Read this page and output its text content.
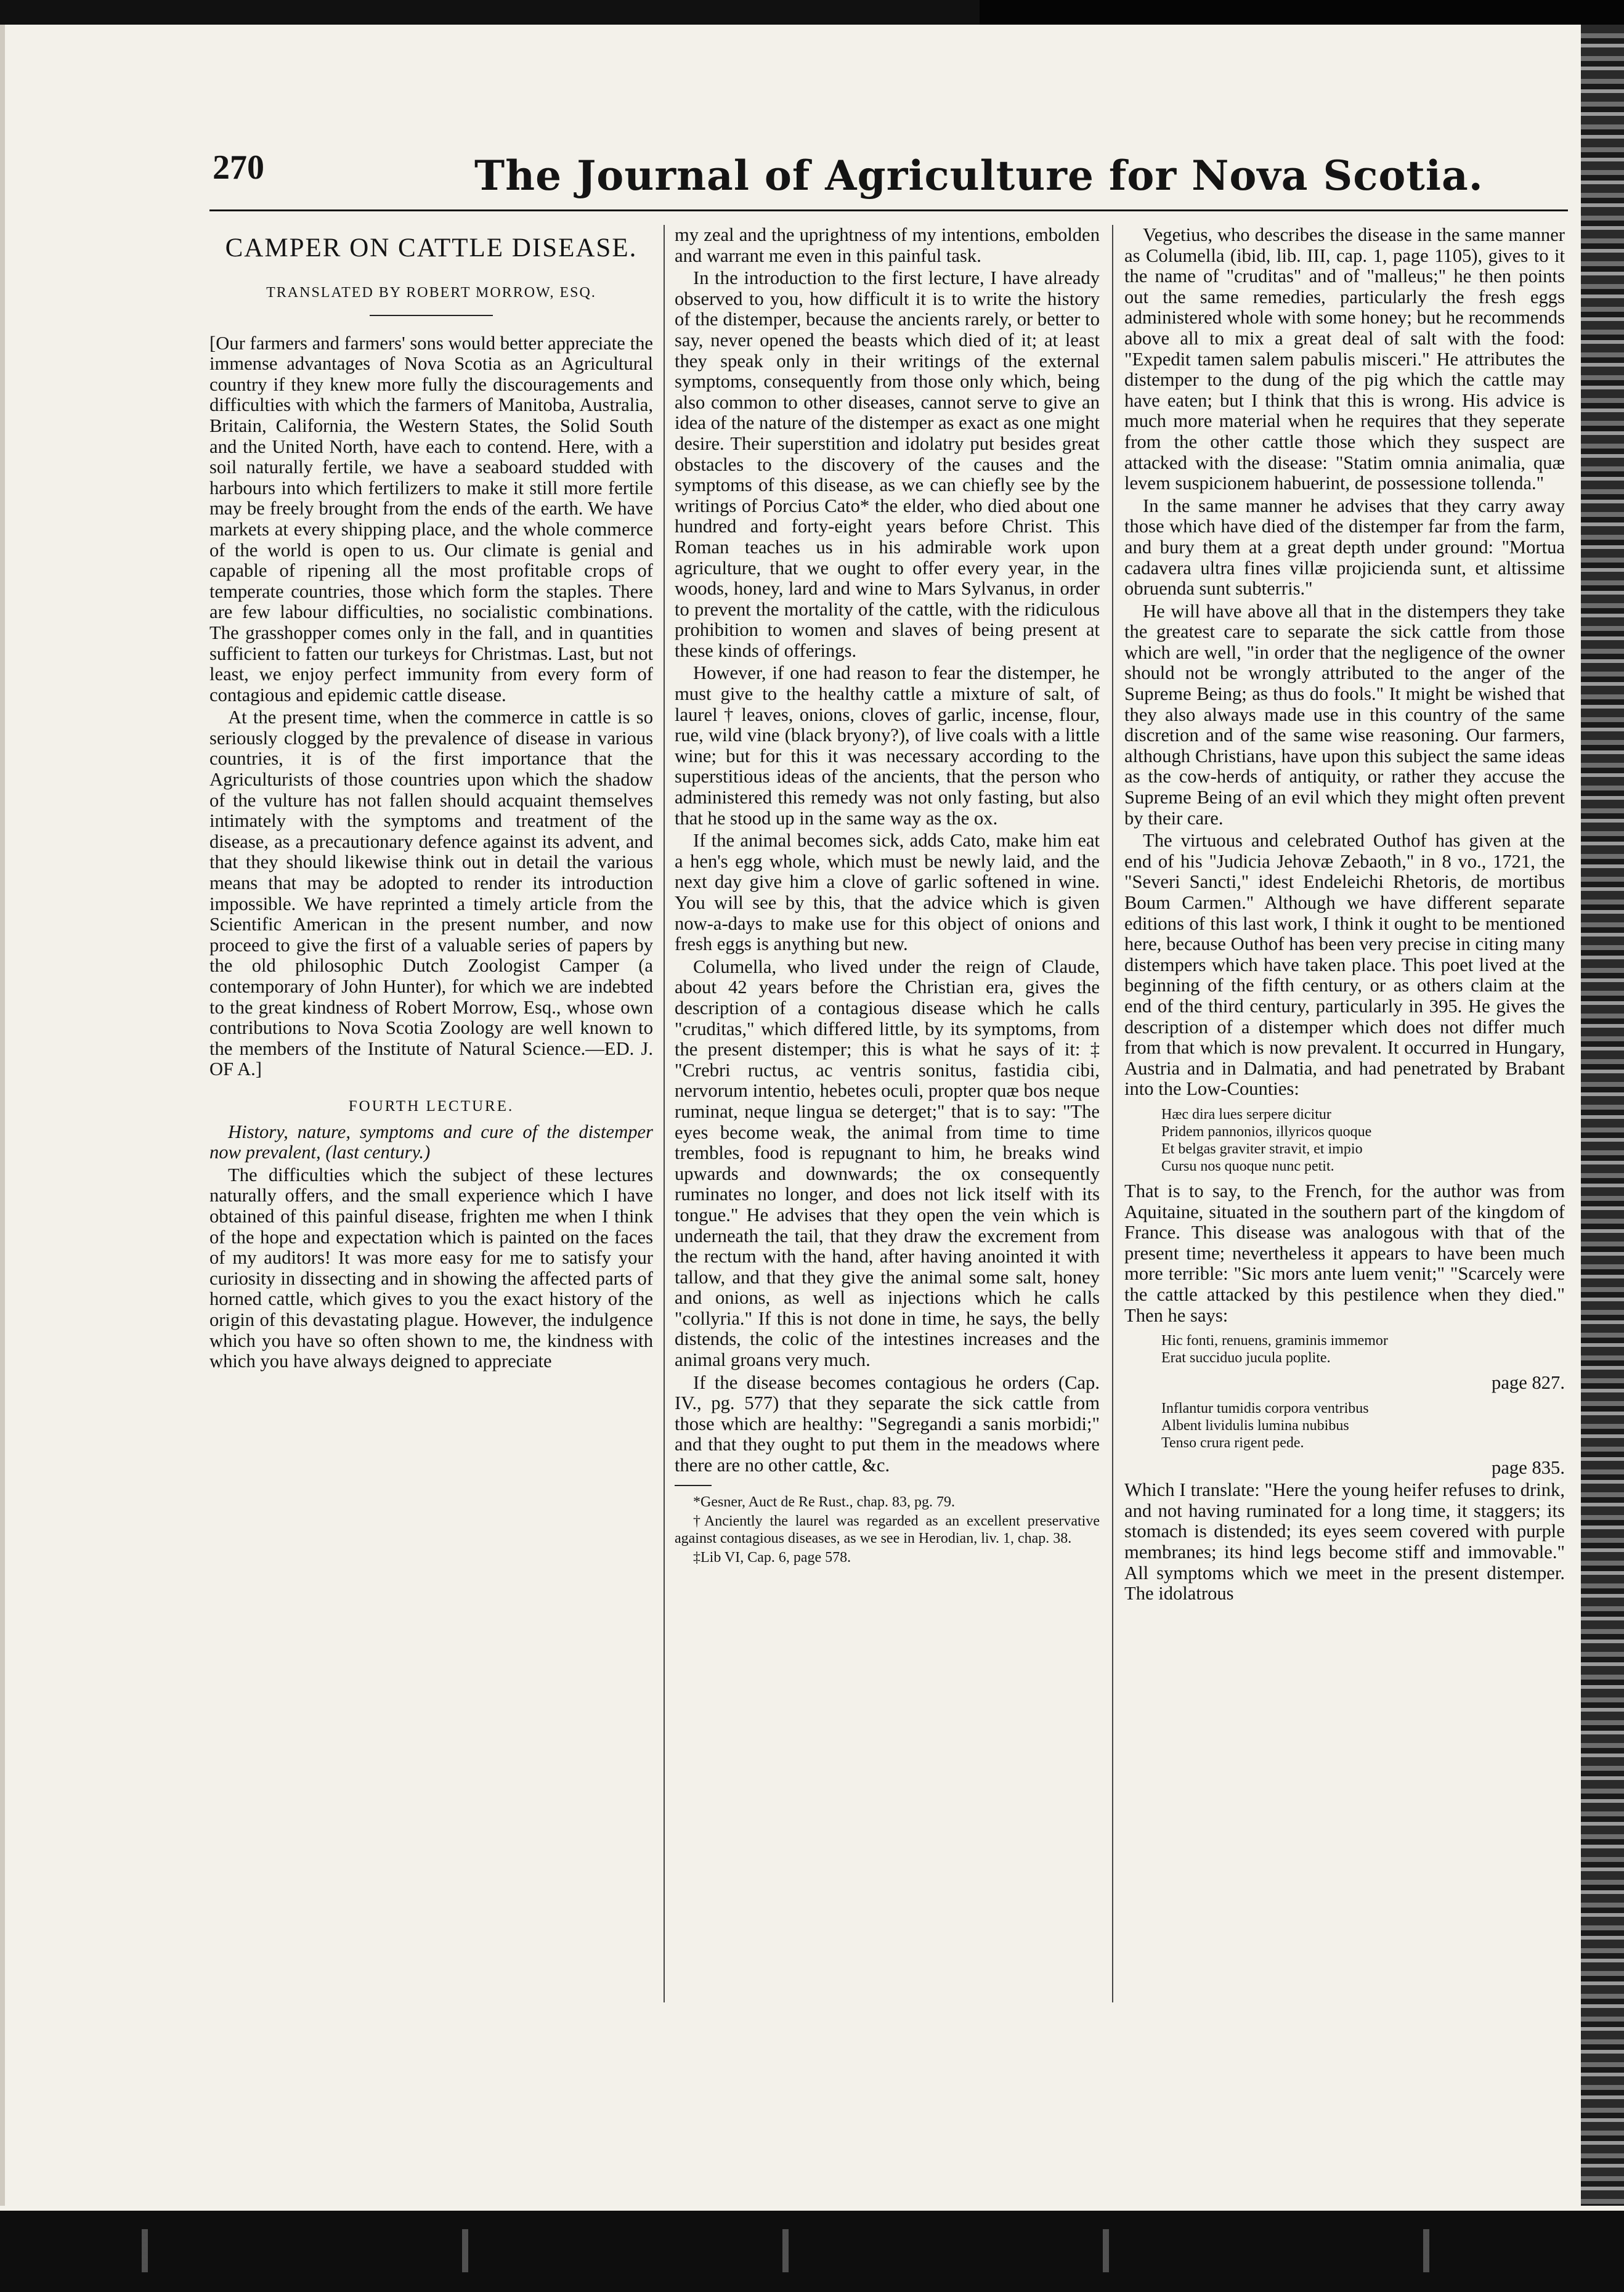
270	The Journal of Agriculture for Nova Scotia.
CAMPER ON CATTLE DISEASE.
TRANSLATED BY ROBERT MORROW, ESQ.

[Our farmers and farmers' sons would better appreciate the immense advantages of Nova Scotia as an Agricultural country if they knew more fully the discouragements and difficulties with which the farmers of Manitoba, Australia, Britain, California, the Western States, the Solid South and the United North, have each to contend. Here, with a soil naturally fertile, we have a seaboard studded with harbours into which fertilizers to make it still more fertile may be freely brought from the ends of the earth. We have markets at every shipping place, and the whole commerce of the world is open to us. Our climate is genial and capable of ripening all the most profitable crops of temperate countries, those which form the staples. There are few labour difficulties, no socialistic combinations. The grasshopper comes only in the fall, and in quantities sufficient to fatten our turkeys for Christmas. Last, but not least, we enjoy perfect immunity from every form of contagious and epidemic cattle disease.

At the present time, when the commerce in cattle is so seriously clogged by the prevalence of disease in various countries, it is of the first importance that the Agriculturists of those countries upon which the shadow of the vulture has not fallen should acquaint themselves intimately with the symptoms and treatment of the disease, as a precautionary defence against its advent, and that they should likewise think out in detail the various means that may be adopted to render its introduction impossible. We have reprinted a timely article from the Scientific American in the present number, and now proceed to give the first of a valuable series of papers by the old philosophic Dutch Zoologist Camper (a contemporary of John Hunter), for which we are indebted to the great kindness of Robert Morrow, Esq., whose own contributions to Nova Scotia Zoology are well known to the members of the Institute of Natural Science.—ED. J. OF A.]

FOURTH LECTURE.

History, nature, symptoms and cure of the distemper now prevalent, (last century.)

The difficulties which the subject of these lectures naturally offers, and the small experience which I have obtained of this painful disease, frighten me when I think of the hope and expectation which is painted on the faces of my auditors! It was more easy for me to satisfy your curiosity in dissecting and in showing the affected parts of horned cattle, which gives to you the exact history of the origin of this devastating plague. However, the indulgence which you have so often shown to me, the kindness with which you have always deigned to appreciate

my zeal and the uprightness of my intentions, embolden and warrant me even in this painful task.

In the introduction to the first lecture, I have already observed to you, how difficult it is to write the history of the distemper, because the ancients rarely, or better to say, never opened the beasts which died of it; at least they speak only in their writings of the external symptoms, consequently from those only which, being also common to other diseases, cannot serve to give an idea of the nature of the distemper as exact as one might desire. Their superstition and idolatry put besides great obstacles to the discovery of the causes and the symptoms of this disease, as we can chiefly see by the writings of Porcius Cato* the elder, who died about one hundred and forty-eight years before Christ. This Roman teaches us in his admirable work upon agriculture, that we ought to offer every year, in the woods, honey, lard and wine to Mars Sylvanus, in order to prevent the mortality of the cattle, with the ridiculous prohibition to women and slaves of being present at these kinds of offerings.

However, if one had reason to fear the distemper, he must give to the healthy cattle a mixture of salt, of laurel † leaves, onions, cloves of garlic, incense, flour, rue, wild vine (black bryony?), of live coals with a little wine; but for this it was necessary according to the superstitious ideas of the ancients, that the person who administered this remedy was not only fasting, but also that he stood up in the same way as the ox.

If the animal becomes sick, adds Cato, make him eat a hen's egg whole, which must be newly laid, and the next day give him a clove of garlic softened in wine. You will see by this, that the advice which is given now-a-days to make use for this object of onions and fresh eggs is anything but new.

Columella, who lived under the reign of Claude, about 42 years before the Christian era, gives the description of a contagious disease which he calls "cruditas," which differed little, by its symptoms, from the present distemper; this is what he says of it: ‡ "Crebri ructus, ac ventris sonitus, fastidia cibi, nervorum intentio, hebetes oculi, propter quæ bos neque ruminat, neque lingua se deterget;" that is to say: "The eyes become weak, the animal from time to time trembles, food is repugnant to him, he breaks wind upwards and downwards; the ox consequently ruminates no longer, and does not lick itself with its tongue." He advises that they open the vein which is underneath the tail, that they draw the excrement from the rectum with the hand, after having anointed it with tallow, and that they give the animal some salt, honey and onions, as well as injections which he calls "collyria." If this is not done in time, he says, the belly distends, the colic of the intestines increases and the animal groans very much.

If the disease becomes contagious he orders (Cap. IV., pg. 577) that they separate the sick cattle from those which are healthy: "Segregandi a sanis morbidi;" and that they ought to put them in the meadows where there are no other cattle, &c.

*Gesner, Auct de Re Rust., chap. 83, pg. 79.

†Anciently the laurel was regarded as an excellent preservative against contagious diseases, as we see in Herodian, liv. 1, chap. 38.

‡Lib VI, Cap. 6, page 578.

Vegetius, who describes the disease in the same manner as Columella (ibid, lib. III, cap. 1, page 1105), gives to it the name of "cruditas" and of "malleus;" he then points out the same remedies, particularly the fresh eggs administered whole with some honey; but he recommends above all to mix a great deal of salt with the food: "Expedit tamen salem pabulis misceri." He attributes the distemper to the dung of the pig which the cattle may have eaten; but I think that this is wrong. His advice is much more material when he requires that they seperate from the other cattle those which they suspect are attacked with the disease: "Statim omnia animalia, quæ levem suspicionem habuerint, de possessione tollenda."

In the same manner he advises that they carry away those which have died of the distemper far from the farm, and bury them at a great depth under ground: "Mortua cadavera ultra fines villæ projicienda sunt, et altissime obruenda sunt subterris."

He will have above all that in the distempers they take the greatest care to separate the sick cattle from those which are well, "in order that the negligence of the owner should not be wrongly attributed to the anger of the Supreme Being; as thus do fools." It might be wished that they also always made use in this country of the same discretion and of the same wise reasoning. Our farmers, although Christians, have upon this subject the same ideas as the cow-herds of antiquity, or rather they accuse the Supreme Being of an evil which they might often prevent by their care.

The virtuous and celebrated Outhof has given at the end of his "Judicia Jehovæ Zebaoth," in 8 vo., 1721, the "Severi Sancti," idest Endeleichi Rhetoris, de mortibus Boum Carmen." Although we have different separate editions of this last work, I think it ought to be mentioned here, because Outhof has been very precise in citing many distempers which have taken place. This poet lived at the beginning of the fifth century, or as others claim at the end of the third century, particularly in 395. He gives the description of a distemper which does not differ much from that which is now prevalent. It occurred in Hungary, Austria and in Dalmatia, and had penetrated by Brabant into the Low-Counties:

Hæc dira lues serpere dicitur
Pridem pannonios, illyricos quoque
Et belgas graviter stravit, et impio
Cursu nos quoque nunc petit.

That is to say, to the French, for the author was from Aquitaine, situated in the southern part of the kingdom of France. This disease was analogous with that of the present time; nevertheless it appears to have been much more terrible: "Sic mors ante luem venit;" "Scarcely were the cattle attacked by this pestilence when they died." Then he says:

Hic fonti, renuens, graminis immemor
Erat succiduo jucula poplite.

page 827.

Inflantur tumidis corpora ventribus
Albent lividulis lumina nubibus
Tenso crura rigent pede.

page 835.

Which I translate: "Here the young heifer refuses to drink, and not having ruminated for a long time, it staggers; its stomach is distended; its eyes seem covered with purple membranes; its hind legs become stiff and immovable." All symptoms which we meet in the present distemper. The idolatrous
